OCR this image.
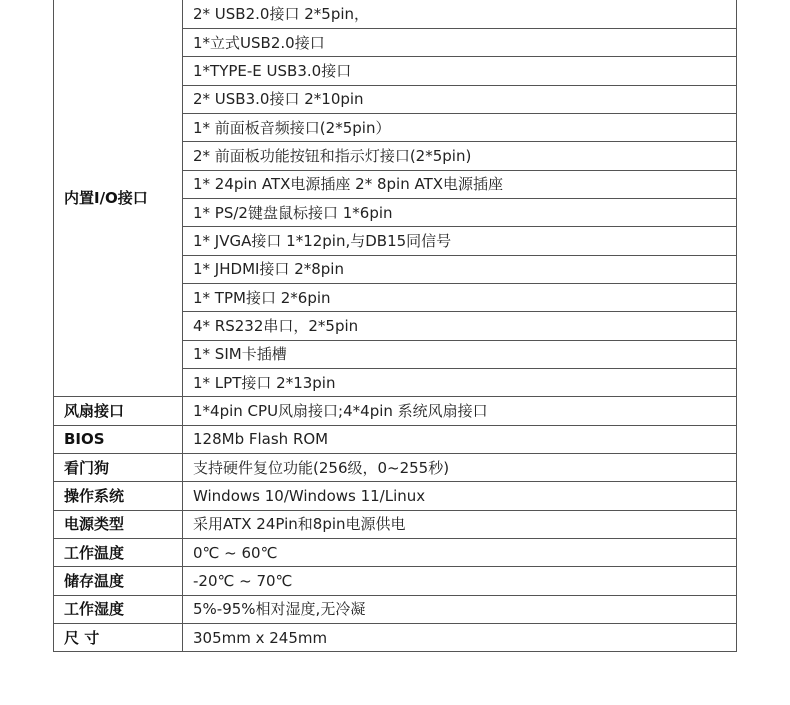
内置I/O接口	2* USB2.0接口 2*5pin，
	1*立式USB2.0接口
	1*TYPE-E USB3.0接口
	2* USB3.0接口 2*10pin
	1* 前面板音频接口(2*5pin）
	2* 前面板功能按钮和指示灯接口(2*5pin)
	1* 24pin ATX电源插座 2* 8pin ATX电源插座
	1* PS/2键盘鼠标接口 1*6pin
	1* JVGA接口 1*12pin,与DB15同信号
	1* JHDMI接口 2*8pin
	1* TPM接口 2*6pin
	4* RS232串口，2*5pin
	1* SIM卡插槽
	1* LPT接口 2*13pin
风扇接口	1*4pin CPU风扇接口;4*4pin 系统风扇接口
BIOS	128Mb Flash ROM
看门狗	支持硬件复位功能(256级，0~255秒)
操作系统	Windows 10/Windows 11/Linux
电源类型	采用ATX 24Pin和8pin电源供电
工作温度	0℃ ~ 60℃
储存温度	-20℃ ~ 70℃
工作湿度	5%-95%相对湿度,无冷凝
尺 寸	305mm x 245mm
